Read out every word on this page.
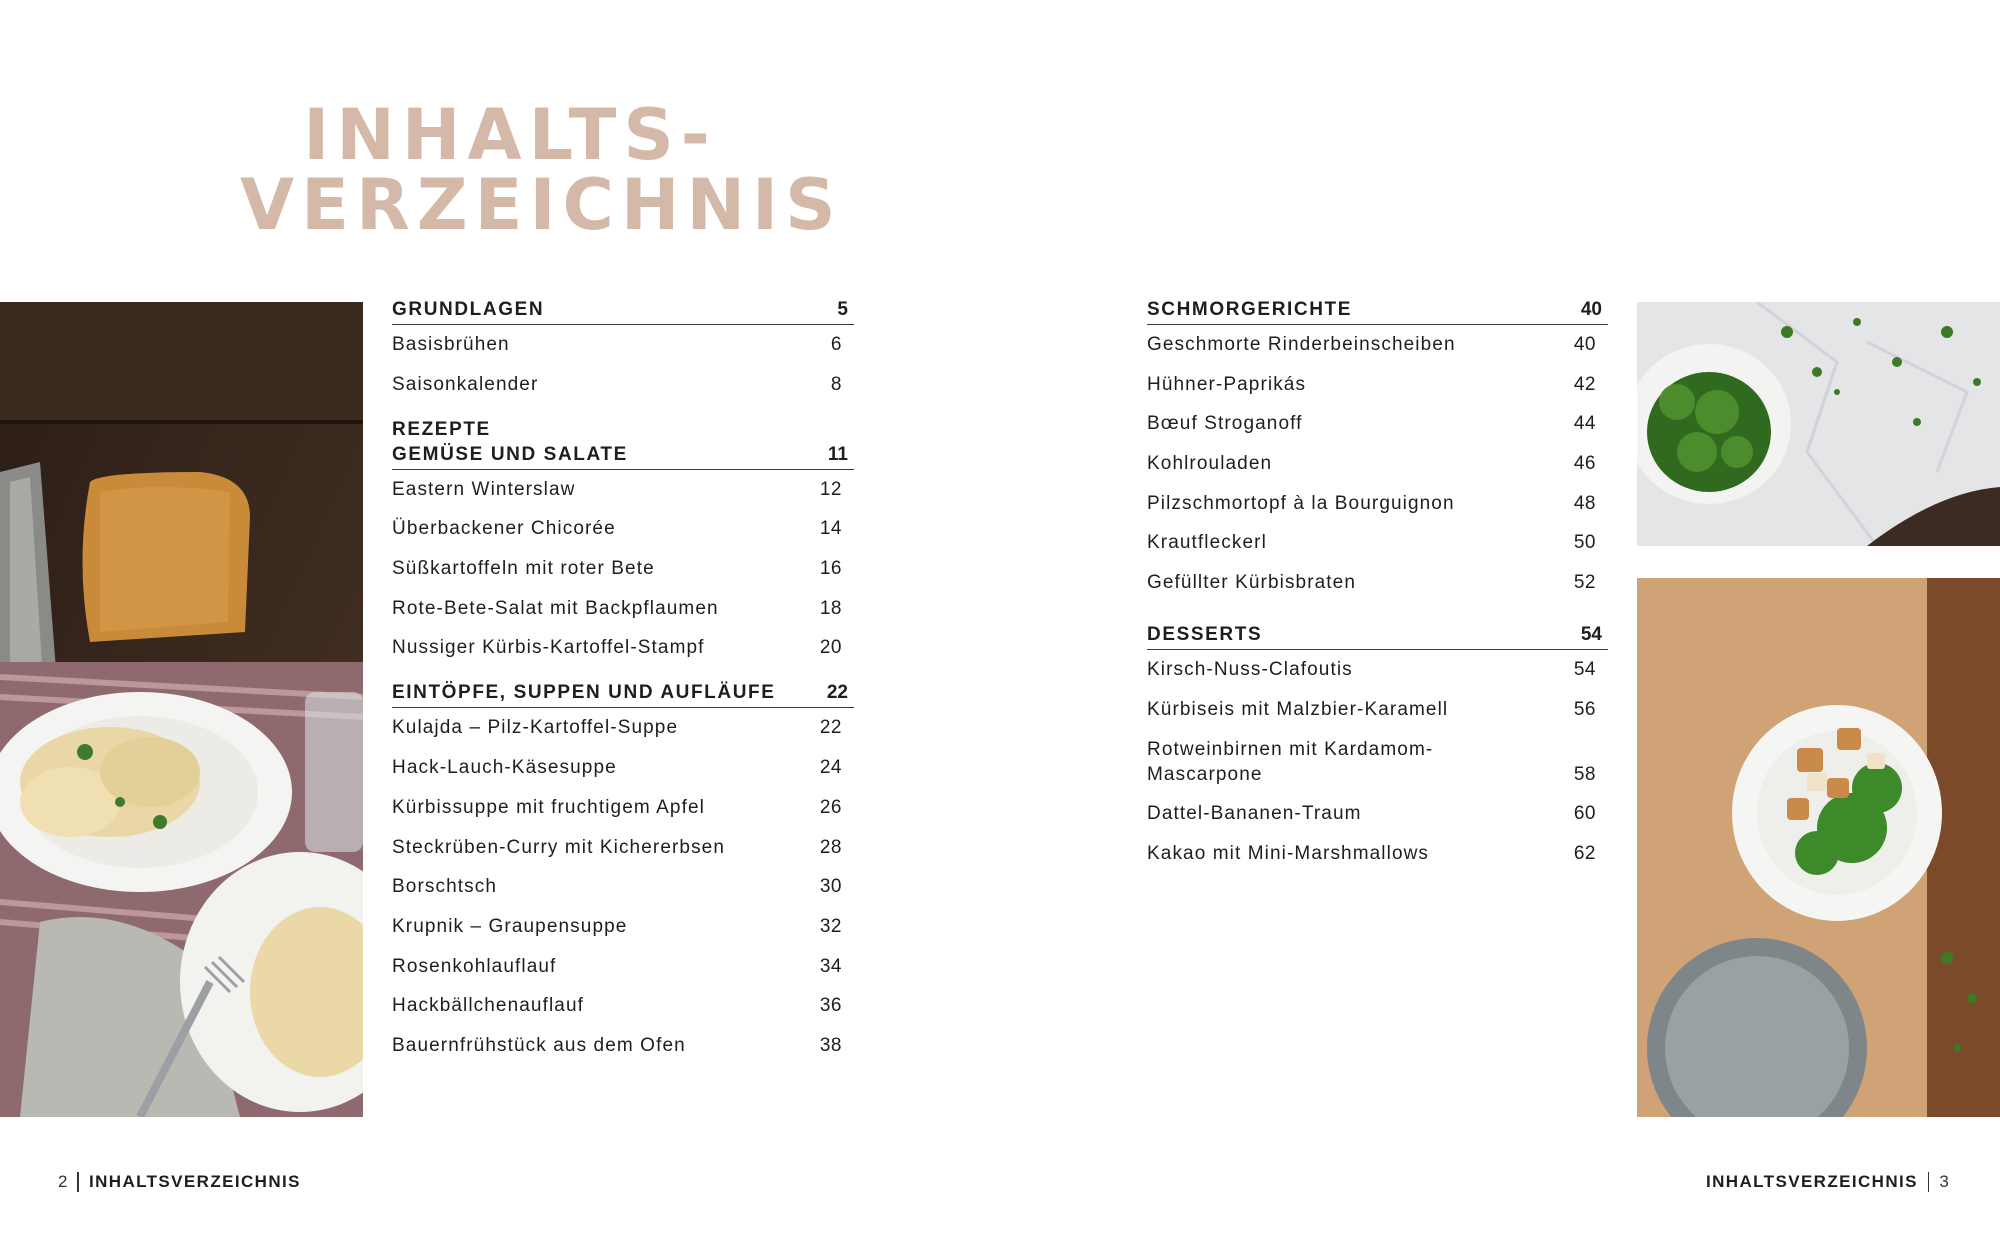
INHALTS-
VERZEICHNIS
GRUNDLAGEN	5
Basisbrühen	6
Saisonkalender	8
REZEPTE
GEMÜSE UND SALATE	11
Eastern Winterslaw	12
Überbackener Chicorée	14
Süßkartoffeln mit roter Bete	16
Rote-Bete-Salat mit Backpflaumen	18
Nussiger Kürbis-Kartoffel-Stampf	20
EINTÖPFE, SUPPEN UND AUFLÄUFE	22
Kulajda – Pilz-Kartoffel-Suppe	22
Hack-Lauch-Käsesuppe	24
Kürbissuppe mit fruchtigem Apfel	26
Steckrüben-Curry mit Kichererbsen	28
Borschtsch	30
Krupnik – Graupensuppe	32
Rosenkohlauflauf	34
Hackbällchenauflauf	36
Bauernfrühstück aus dem Ofen	38
SCHMORGERICHTE	40
Geschmorte Rinderbeinscheiben	40
Hühner-Paprikás	42
Bœuf Stroganoff	44
Kohlrouladen	46
Pilzschmortopf à la Bourguignon	48
Krautfleckerl	50
Gefüllter Kürbisbraten	52
DESSERTS	54
Kirsch-Nuss-Clafoutis	54
Kürbiseis mit Malzbier-Karamell	56
Rotweinbirnen mit Kardamom-
Mascarpone	58
Dattel-Bananen-Traum	60
Kakao mit Mini-Marshmallows	62
2 INHALTSVERZEICHNIS	INHALTSVERZEICHNIS 3
